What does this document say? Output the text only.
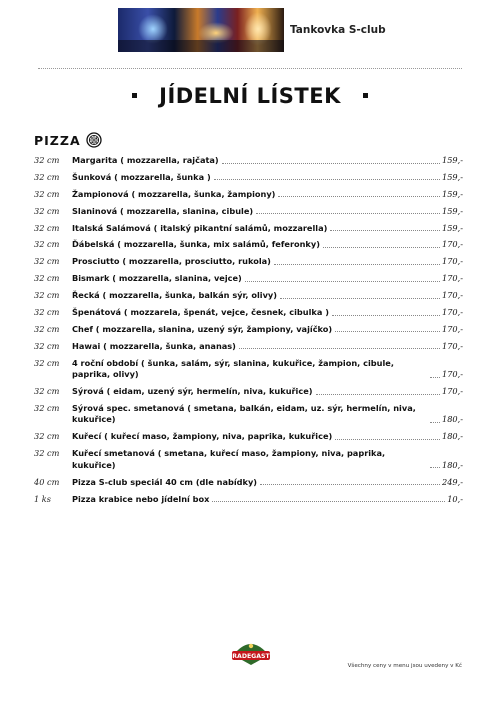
Tankovka S-club
JÍDELNÍ LÍSTEK
PIZZA
32 cm	Margarita ( mozzarella, rajčata)	159,-
32 cm	Šunková ( mozzarella, šunka )	159,-
32 cm	Žampionová ( mozzarella, šunka, žampiony)	159,-
32 cm	Slaninová ( mozzarella, slanina, cibule)	159,-
32 cm	Italská Salámová ( italský pikantní salámů, mozzarella)	159,-
32 cm	Ďábelská ( mozzarella, šunka, mix salámů, feferonky)	170,-
32 cm	Prosciutto ( mozzarella, prosciutto, rukola)	170,-
32 cm	Bismark ( mozzarella, slanina, vejce)	170,-
32 cm	Řecká ( mozzarella, šunka, balkán sýr, olivy)	170,-
32 cm	Špenátová ( mozzarela, špenát, vejce, česnek, cibulka )	170,-
32 cm	Chef ( mozzarella, slanina, uzený sýr, žampiony, vajíčko)	170,-
32 cm	Hawai ( mozzarella, šunka, ananas)	170,-
32 cm	4 roční období ( šunka, salám, sýr, slanina, kukuřice, žampion, cibule, paprika, olivy)	170,-
32 cm	Sýrová ( eidam, uzený sýr, hermelín, niva, kukuřice)	170,-
32 cm	Sýrová spec. smetanová ( smetana, balkán, eidam, uz. sýr, hermelín, niva, kukuřice)	180,-
32 cm	Kuřecí ( kuřecí maso, žampiony, niva, paprika, kukuřice)	180,-
32 cm	Kuřecí smetanová ( smetana, kuřecí maso, žampiony, niva, paprika, kukuřice)	180,-
40 cm	Pizza S-club speciál 40 cm (dle nabídky)	249,-
1 ks	Pizza krabice nebo jídelní box	10,-
RADEGAST
Všechny ceny v menu jsou uvedeny v Kč
